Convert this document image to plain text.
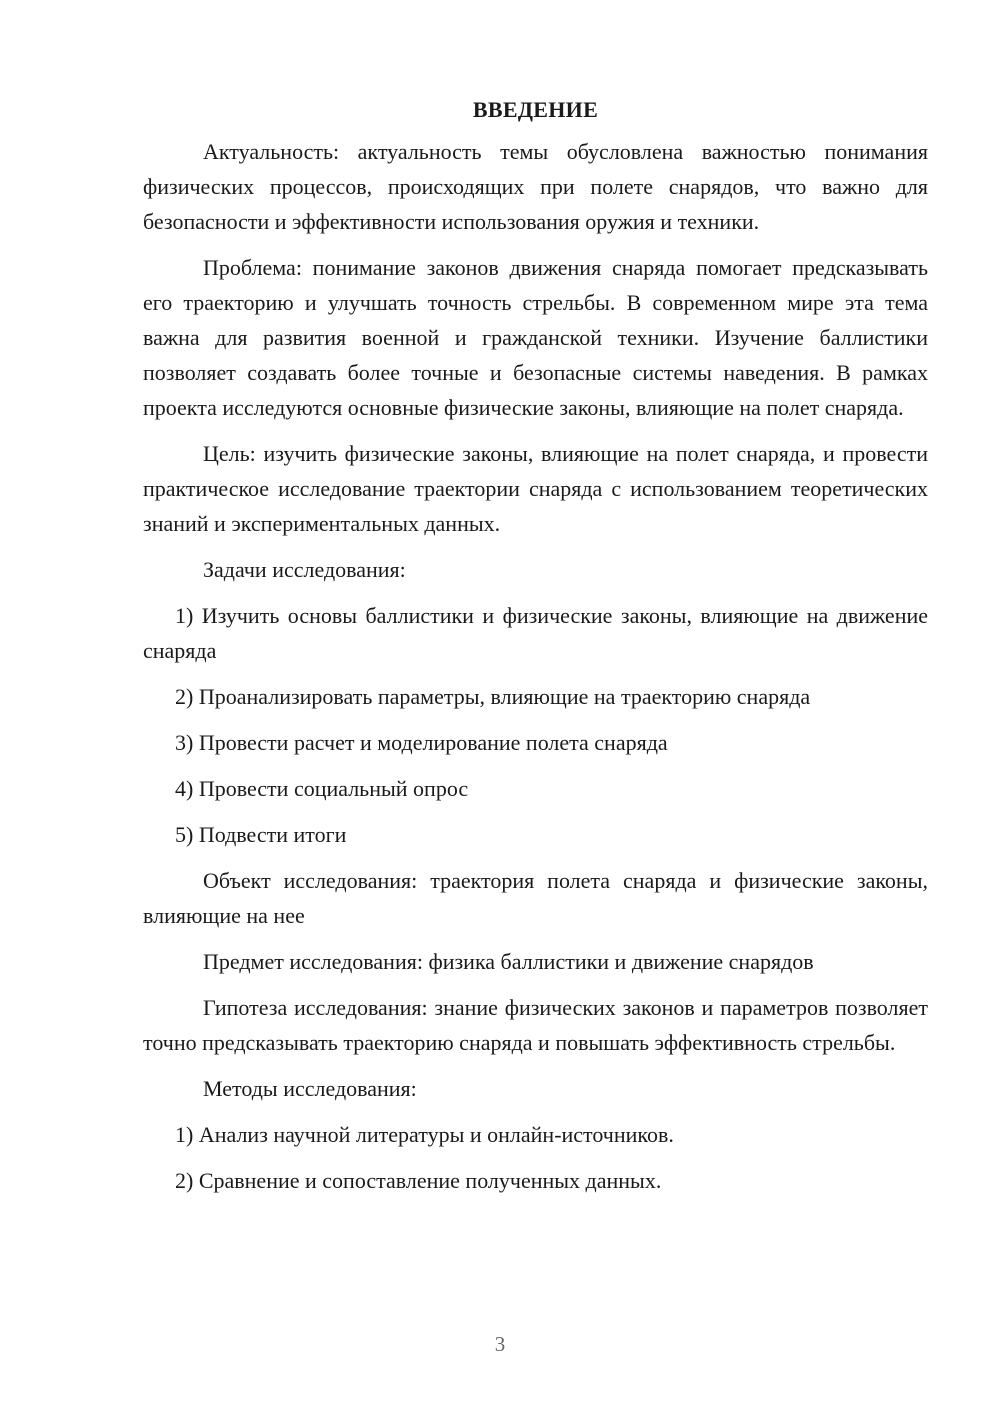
ВВЕДЕНИЕ

Актуальность: актуальность темы обусловлена важностью понимания физических процессов, происходящих при полете снарядов, что важно для безопасности и эффективности использования оружия и техники.

Проблема: понимание законов движения снаряда помогает предсказывать его траекторию и улучшать точность стрельбы. В современном мире эта тема важна для развития военной и гражданской техники. Изучение баллистики позволяет создавать более точные и безопасные системы наведения. В рамках проекта исследуются основные физические законы, влияющие на полет снаряда.

Цель: изучить физические законы, влияющие на полет снаряда, и провести практическое исследование траектории снаряда с использованием теоретических знаний и экспериментальных данных.

Задачи исследования:

1) Изучить основы баллистики и физические законы, влияющие на движение снаряда

2) Проанализировать параметры, влияющие на траекторию снаряда

3) Провести расчет и моделирование полета снаряда

4) Провести социальный опрос

5) Подвести итоги

Объект исследования: траектория полета снаряда и физические законы, влияющие на нее

Предмет исследования: физика баллистики и движение снарядов

Гипотеза исследования: знание физических законов и параметров позволяет точно предсказывать траекторию снаряда и повышать эффективность стрельбы.

Методы исследования:

1) Анализ научной литературы и онлайн-источников.

2) Сравнение и сопоставление полученных данных.

3
